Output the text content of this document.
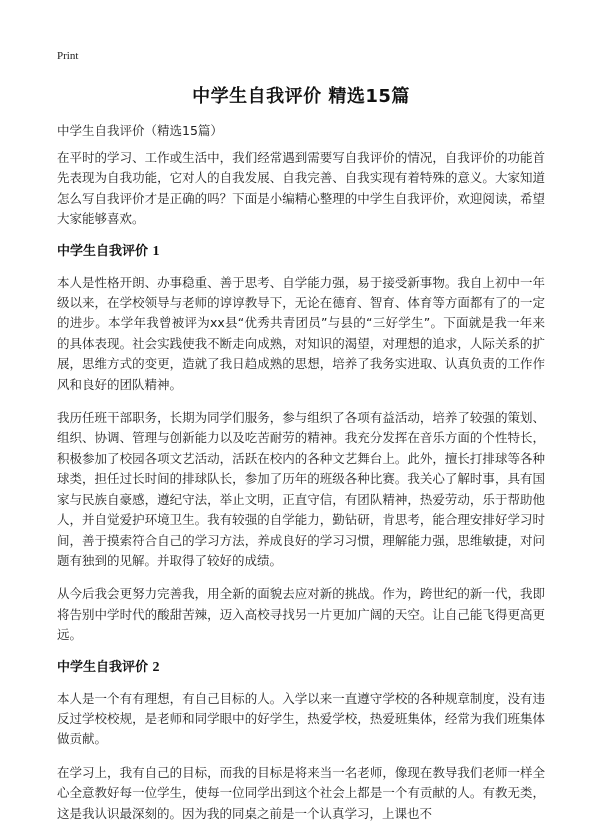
Print
中学生自我评价 精选15篇

中学生自我评价（精选15篇）

在平时的学习、工作或生活中，我们经常遇到需要写自我评价的情况，自我评价的功能首先表现为自我功能，它对人的自我发展、自我完善、自我实现有着特殊的意义。大家知道怎么写自我评价才是正确的吗？下面是小编精心整理的中学生自我评价，欢迎阅读，希望大家能够喜欢。

中学生自我评价 1

本人是性格开朗、办事稳重、善于思考、自学能力强，易于接受新事物。我自上初中一年级以来，在学校领导与老师的谆谆教导下，无论在德育、智育、体育等方面都有了的一定的进步。本学年我曾被评为xx县“优秀共青团员”与县的“三好学生”。下面就是我一年来的具体表现。社会实践使我不断走向成熟，对知识的渴望，对理想的追求，人际关系的扩展，思维方式的变更，造就了我日趋成熟的思想，培养了我务实进取、认真负责的工作作风和良好的团队精神。

我历任班干部职务，长期为同学们服务，参与组织了各项有益活动，培养了较强的策划、组织、协调、管理与创新能力以及吃苦耐劳的精神。我充分发挥在音乐方面的个性特长，积极参加了校园各项文艺活动，活跃在校内的各种文艺舞台上。此外，擅长打排球等各种球类，担任过长时间的排球队长，参加了历年的班级各种比赛。我关心了解时事，具有国家与民族自豪感，遵纪守法，举止文明，正直守信，有团队精神，热爱劳动，乐于帮助他人，并自觉爱护环境卫生。我有较强的自学能力，勤钻研，肯思考，能合理安排好学习时间，善于摸索符合自己的学习方法，养成良好的学习习惯，理解能力强，思维敏捷，对问题有独到的见解。并取得了较好的成绩。

从今后我会更努力完善我，用全新的面貌去应对新的挑战。作为，跨世纪的新一代，我即将告别中学时代的酸甜苦辣，迈入高校寻找另一片更加广阔的天空。让自己能飞得更高更远。

中学生自我评价 2

本人是一个有有理想，有自己目标的人。入学以来一直遵守学校的各种规章制度，没有违反过学校校规，是老师和同学眼中的好学生，热爱学校，热爱班集体，经常为我们班集体做贡献。

在学习上，我有自己的目标，而我的目标是将来当一名老师，像现在教导我们老师一样全心全意教好每一位学生，使每一位同学出到这个社会上都是一个有贡献的人。有教无类，这是我认识最深刻的。因为我的同桌之前是一个认真学习，上课也不
